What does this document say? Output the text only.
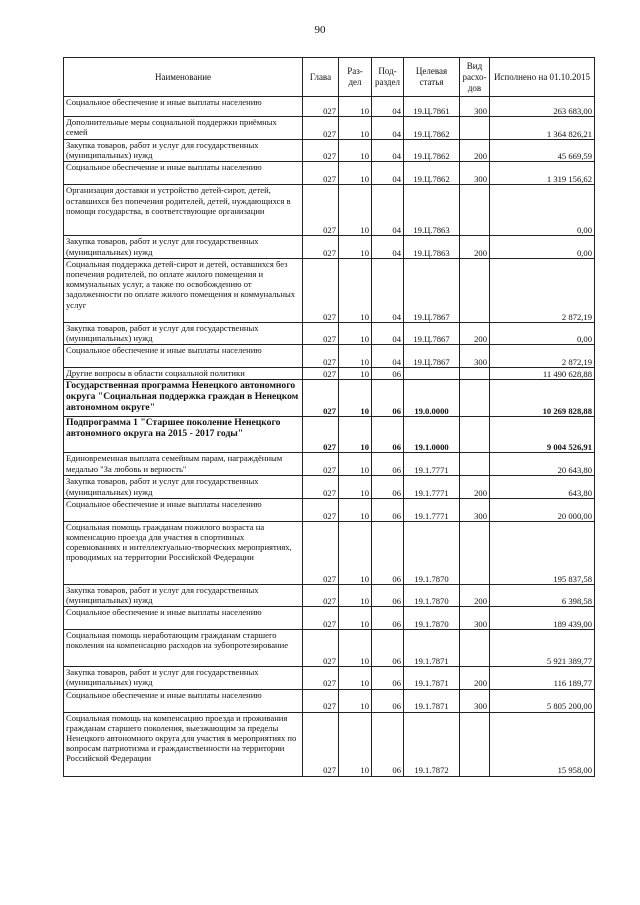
90
Наименование	Глава	Раз-дел	Под-раздел	Целевая статья	Вид расхо-дов	Исполнено на 01.10.2015
Социальное обеспечение и иные выплаты населению	027	10	04	19.Ц.7861	300	263 683,00
Дополнительные меры социальной поддержки приёмных семей	027	10	04	19.Ц.7862		1 364 826,21
Закупка товаров, работ и услуг для государственных (муниципальных) нужд	027	10	04	19.Ц.7862	200	45 669,59
Социальное обеспечение и иные выплаты населению	027	10	04	19.Ц.7862	300	1 319 156,62
Организация доставки и устройство детей-сирот, детей, оставшихся без попечения родителей, детей, нуждающихся в помощи государства, в соответствующие организации	027	10	04	19.Ц.7863		0,00
Закупка товаров, работ и услуг для государственных (муниципальных) нужд	027	10	04	19.Ц.7863	200	0,00
Социальная поддержка детей-сирот и детей, оставшихся без попечения родителей, по оплате жилого помещения и коммунальных услуг, а также по освобождению от задолженности по оплате жилого помещения и коммунальных услуг	027	10	04	19.Ц.7867		2 872,19
Закупка товаров, работ и услуг для государственных (муниципальных) нужд	027	10	04	19.Ц.7867	200	0,00
Социальное обеспечение и иные выплаты населению	027	10	04	19.Ц.7867	300	2 872,19
Другие вопросы в области социальной политики	027	10	06			11 490 628,88
Государственная программа Ненецкого автономного округа "Социальная поддержка граждан в Ненецком автономном округе"	027	10	06	19.0.0000		10 269 828,88
Подпрограмма 1 "Старшее поколение Ненецкого автономного округа на 2015 - 2017 годы"	027	10	06	19.1.0000		9 004 526,91
Единовременная выплата семейным парам, награждённым медалью "За любовь и верность"	027	10	06	19.1.7771		20 643,80
Закупка товаров, работ и услуг для государственных (муниципальных) нужд	027	10	06	19.1.7771	200	643,80
Социальное обеспечение и иные выплаты населению	027	10	06	19.1.7771	300	20 000,00
Социальная помощь гражданам пожилого возраста на компенсацию проезда для участия в спортивных соревнованиях и интеллектуально-творческих мероприятиях, проводимых на территории Российской Федерации	027	10	06	19.1.7870		195 837,58
Закупка товаров, работ и услуг для государственных (муниципальных) нужд	027	10	06	19.1.7870	200	6 398,58
Социальное обеспечение и иные выплаты населению	027	10	06	19.1.7870	300	189 439,00
Социальная помощь неработающим гражданам старшего поколения на компенсацию расходов на зубопротезирование	027	10	06	19.1.7871		5 921 389,77
Закупка товаров, работ и услуг для государственных (муниципальных) нужд	027	10	06	19.1.7871	200	116 189,77
Социальное обеспечение и иные выплаты населению	027	10	06	19.1.7871	300	5 805 200,00
Социальная помощь на компенсацию проезда и проживания гражданам старшего поколения, выезжающим за пределы Ненецкого автономного округа для участия в мероприятиях по вопросам патриотизма и гражданственности на территории Российской Федерации	027	10	06	19.1.7872		15 958,00
